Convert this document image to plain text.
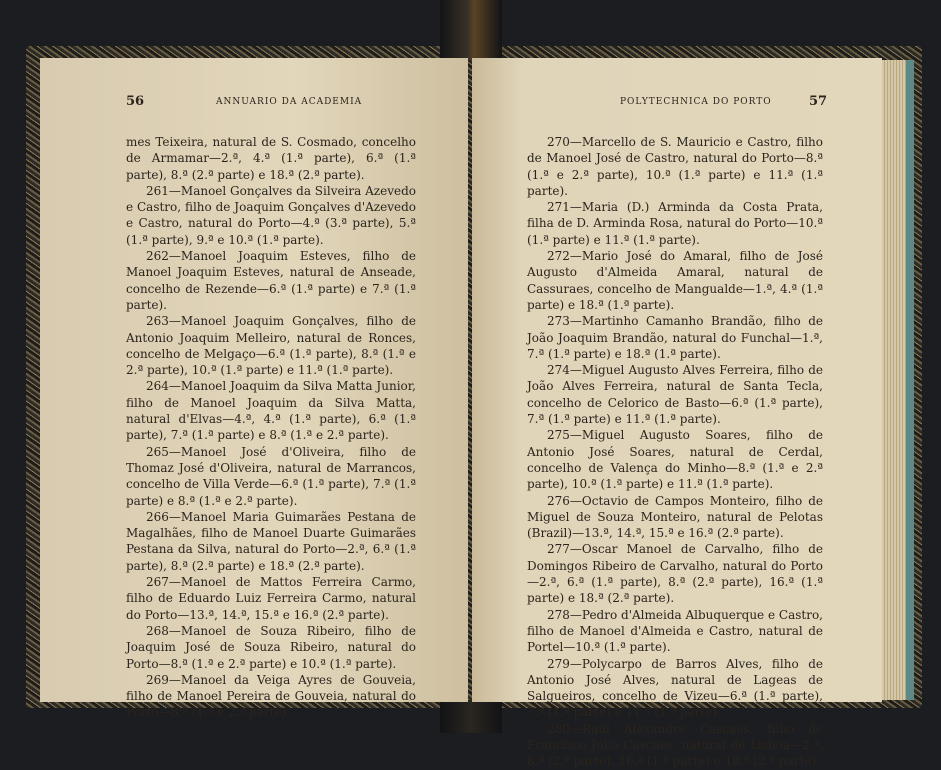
56	ANNUARIO DA ACADEMIA

mes Teixeira, natural de S. Cosmado, concelho de Armamar—2.ª, 4.ª (1.ª parte), 6.ª (1.ª parte), 8.ª (2.ª parte) e 18.ª (2.ª parte).

261—Manoel Gonçalves da Silveira Azevedo e Castro, filho de Joaquim Gonçalves d'Azevedo e Castro, natural do Porto—4.ª (3.ª parte), 5.ª (1.ª parte), 9.ª e 10.ª (1.ª parte).

262—Manoel Joaquim Esteves, filho de Manoel Joaquim Esteves, natural de Anseade, concelho de Rezende—6.ª (1.ª parte) e 7.ª (1.ª parte).

263—Manoel Joaquim Gonçalves, filho de Antonio Joaquim Melleiro, natural de Ronces, concelho de Melgaço—6.ª (1.ª parte), 8.ª (1.ª e 2.ª parte), 10.ª (1.ª parte) e 11.ª (1.ª parte).

264—Manoel Joaquim da Silva Matta Junior, filho de Manoel Joaquim da Silva Matta, natural d'Elvas—4.ª, 4.ª (1.ª parte), 6.ª (1.ª parte), 7.ª (1.ª parte) e 8.ª (1.ª e 2.ª parte).

265—Manoel José d'Oliveira, filho de Thomaz José d'Oliveira, natural de Marrancos, concelho de Villa Verde—6.ª (1.ª parte), 7.ª (1.ª parte) e 8.ª (1.ª e 2.ª parte).

266—Manoel Maria Guimarães Pestana de Magalhães, filho de Manoel Duarte Guimarães Pestana da Silva, natural do Porto—2.ª, 6.ª (1.ª parte), 8.ª (2.ª parte) e 18.ª (2.ª parte).

267—Manoel de Mattos Ferreira Carmo, filho de Eduardo Luiz Ferreira Carmo, natural do Porto—13.ª, 14.ª, 15.ª e 16.ª (2.ª parte).

268—Manoel de Souza Ribeiro, filho de Joaquim José de Souza Ribeiro, natural do Porto—8.ª (1.ª e 2.ª parte) e 10.ª (1.ª parte).

269—Manoel da Veiga Ayres de Gouveia, filho de Manoel Pereira de Gouveia, natural do Porto—8.ª (1.ª e 2.ª parte).

POLYTECHNICA DO PORTO	57

270—Marcello de S. Mauricio e Castro, filho de Manoel José de Castro, natural do Porto—8.ª (1.ª e 2.ª parte), 10.ª (1.ª parte) e 11.ª (1.ª parte).

271—Maria (D.) Arminda da Costa Prata, filha de D. Arminda Rosa, natural do Porto—10.ª (1.ª parte) e 11.ª (1.ª parte).

272—Mario José do Amaral, filho de José Augusto d'Almeida Amaral, natural de Cassuraes, concelho de Mangualde—1.ª, 4.ª (1.ª parte) e 18.ª (1.ª parte).

273—Martinho Camanho Brandão, filho de João Joaquim Brandão, natural do Funchal—1.ª, 7.ª (1.ª parte) e 18.ª (1.ª parte).

274—Miguel Augusto Alves Ferreira, filho de João Alves Ferreira, natural de Santa Tecla, concelho de Celorico de Basto—6.ª (1.ª parte), 7.ª (1.ª parte) e 11.ª (1.ª parte).

275—Miguel Augusto Soares, filho de Antonio José Soares, natural de Cerdal, concelho de Valença do Minho—8.ª (1.ª e 2.ª parte), 10.ª (1.ª parte) e 11.ª (1.ª parte).

276—Octavio de Campos Monteiro, filho de Miguel de Souza Monteiro, natural de Pelotas (Brazil)—13.ª, 14.ª, 15.ª e 16.ª (2.ª parte).

277—Oscar Manoel de Carvalho, filho de Domingos Ribeiro de Carvalho, natural do Porto—2.ª, 6.ª (1.ª parte), 8.ª (2.ª parte), 16.ª (1.ª parte) e 18.ª (2.ª parte).

278—Pedro d'Almeida Albuquerque e Castro, filho de Manoel d'Almeida e Castro, natural de Portel—10.ª (1.ª parte).

279—Polycarpo de Barros Alves, filho de Antonio José Alves, natural de Lageas de Salgueiros, concelho de Vizeu—6.ª (1.ª parte), 7.ª (1.ª parte) e 11.ª (1.ª parte).

280—Raul Alexandre Cascaes, filho de Francisco Julio Cascaes, natural de Lisboa—2.ª, 8.ª (2.ª parte), 16.ª (1.ª parte) e 18.ª (2.ª parte).
